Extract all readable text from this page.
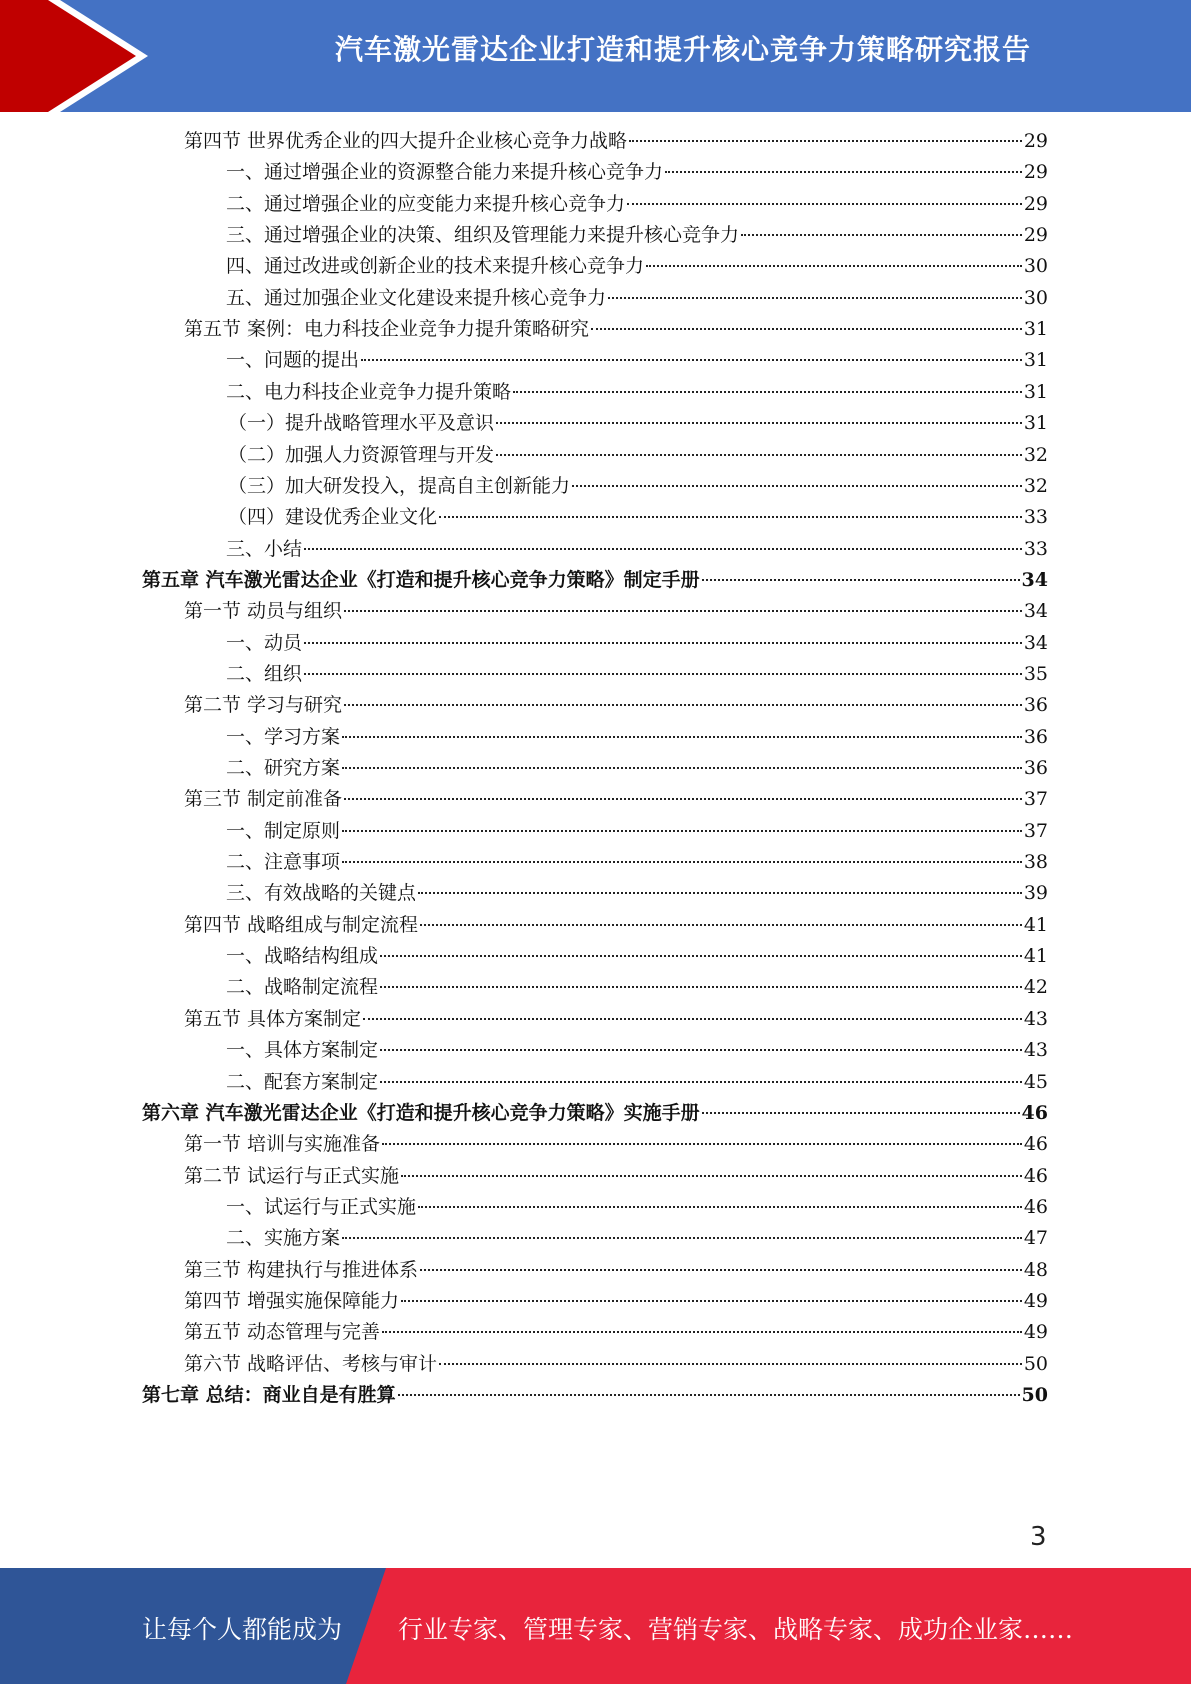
汽车激光雷达企业打造和提升核心竞争力策略研究报告
第四节 世界优秀企业的四大提升企业核心竞争力战略	29
一、通过增强企业的资源整合能力来提升核心竞争力	29
二、通过增强企业的应变能力来提升核心竞争力	29
三、通过增强企业的决策、组织及管理能力来提升核心竞争力	29
四、通过改进或创新企业的技术来提升核心竞争力	30
五、通过加强企业文化建设来提升核心竞争力	30
第五节 案例：电力科技企业竞争力提升策略研究	31
一、问题的提出	31
二、电力科技企业竞争力提升策略	31
（一）提升战略管理水平及意识	31
（二）加强人力资源管理与开发	32
（三）加大研发投入，提高自主创新能力	32
（四）建设优秀企业文化	33
三、小结	33
第五章 汽车激光雷达企业《打造和提升核心竞争力策略》制定手册	34
第一节 动员与组织	34
一、动员	34
二、组织	35
第二节 学习与研究	36
一、学习方案	36
二、研究方案	36
第三节 制定前准备	37
一、制定原则	37
二、注意事项	38
三、有效战略的关键点	39
第四节 战略组成与制定流程	41
一、战略结构组成	41
二、战略制定流程	42
第五节 具体方案制定	43
一、具体方案制定	43
二、配套方案制定	45
第六章 汽车激光雷达企业《打造和提升核心竞争力策略》实施手册	46
第一节 培训与实施准备	46
第二节 试运行与正式实施	46
一、试运行与正式实施	46
二、实施方案	47
第三节 构建执行与推进体系	48
第四节 增强实施保障能力	49
第五节 动态管理与完善	49
第六节 战略评估、考核与审计	50
第七章 总结：商业自是有胜算	50
3
让每个人都能成为 行业专家、管理专家、营销专家、战略专家、成功企业家……
